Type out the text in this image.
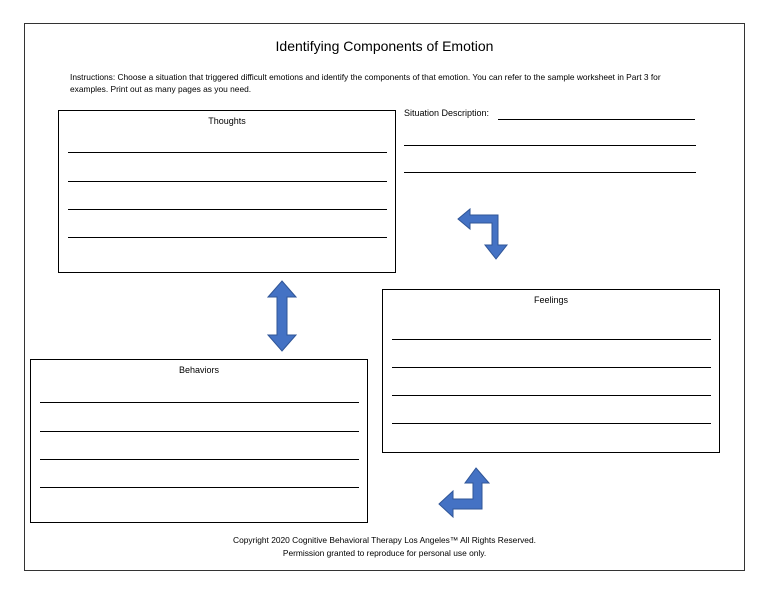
Identifying Components of Emotion
Instructions: Choose a situation that triggered difficult emotions and identify the components of that emotion. You can refer to the sample worksheet in Part 3 for examples. Print out as many pages as you need.
Situation Description:
Thoughts
Feelings
Behaviors
Copyright 2020 Cognitive Behavioral Therapy Los Angeles™ All Rights Reserved.
Permission granted to reproduce for personal use only.
